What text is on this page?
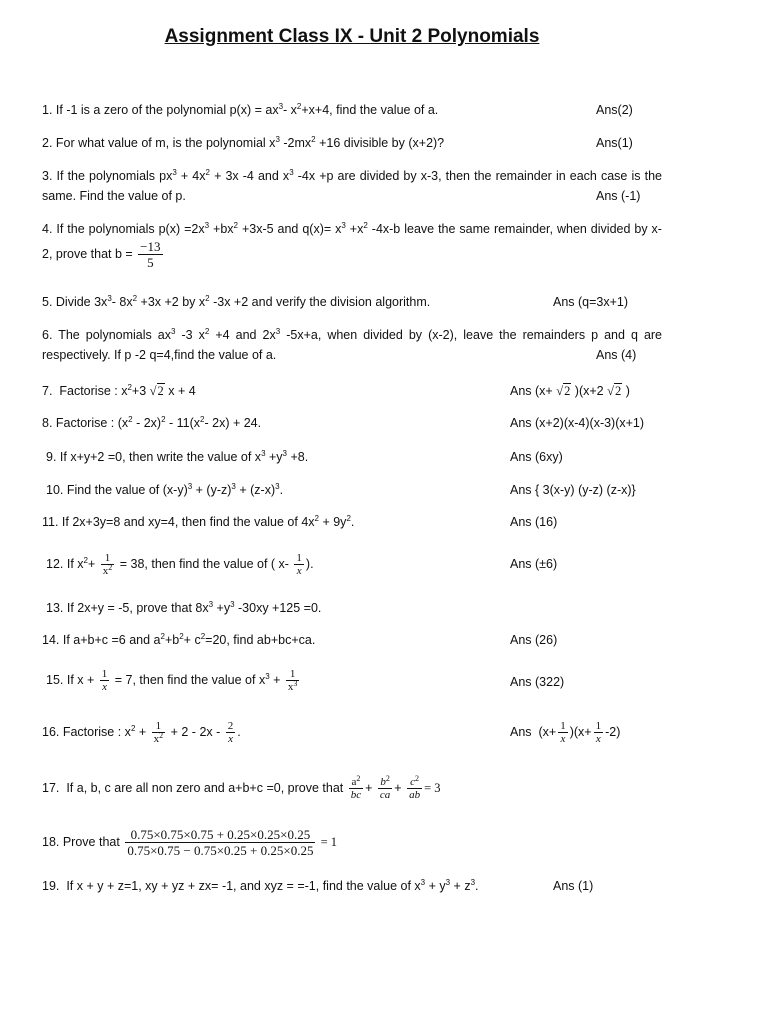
Assignment Class IX - Unit 2 Polynomials
1. If -1 is a zero of the polynomial $p(x) = ax^3-$ $x^2+x+4$, find the value of a.	Ans(2)
2. For what value of m, is the polynomial $x^3$ $-2mx^2 +16$ divisible by (x+2)?	Ans(1)
3. If the polynomials $px^3 + 4x^2 + 3x$ -4 and $x^3$ -4x +p are divided by x-3, then the remainder in each case is the same. Find the value of p.	Ans (-1)
4. If the polynomials $p(x) =2x^3 +bx^2 +3x-5$ and $q(x)= x^3 +x^2$ -4x-b leave the same remainder, when divided by x-2, prove that $b = \frac{-13}{5}$
5. Divide $3x^3-$ $8x^2 +3x +2$ by $x^2$ -3x +2 and verify the division algorithm.	Ans (q=3x+1)
6. The polynomials $ax^3$ -3 $x^2 +4$ and $2x^3$ -5x+a, when divided by (x-2), leave the remainders p and q are respectively. If p -2 q=4,find the value of a.	Ans (4)
7.  Factorise : $x^2+3$ √2 x + 4	Ans (x+ √2 )(x+2 √2 )
8. Factorise : $(x^2 - 2x)^2 - 11(x^2-$ 2x) + 24.	Ans (x+2)(x-4)(x-3)(x+1)
9. If x+y+2 =0, then write the value of $x^3 +y^3 +8$.	Ans (6xy)
10. Find the value of $(x-y)^3 + (y-z)^3 + (z-x)^3$.	Ans { 3(x-y) (y-z) (z-x)}
11. If 2x+3y=8 and xy=4, then find the value of $4x^2 + 9y^2$.	Ans (16)
12. If $x^2+ \frac{1}{x^2} = 38$, then find the value of ( $x- \frac{1}{x}$ ).	Ans (±6)
13. If 2x+y = -5, prove that $8x^3 +y^3$ -30xy +125 =0.
14. If a+b+c =6 and $a^2+b^2+ c^2=20$, find ab+bc+ca.	Ans (26)
15. If $x + \frac{1}{x} = 7$, then find the value of $x^3 + \frac{1}{x^3}$	Ans (322)
16. Factorise : $x^2 + \frac{1}{x^2} + 2 - 2x - \frac{2}{x}$ .	Ans  $(x+ \frac{1}{x} )(x+ \frac{1}{x} -2)$
17.  If a, b, c are all non zero and a+b+c =0, prove that $\frac{a^2}{bc} + \frac{b^2}{ca} + \frac{c^2}{ab} = 3$
18. Prove that $\frac{0.75\times 0.75\times 0.75 + 0.25\times 0.25\times 0.25}{0.75\times 0.75 - 0.75\times 0.25 + 0.25\times 0.25} = 1$
19.  If x + y + z=1, xy + yz + zx= -1, and xyz = =-1, find the value of $x^3 + y^3 + z^3$.	Ans (1)
